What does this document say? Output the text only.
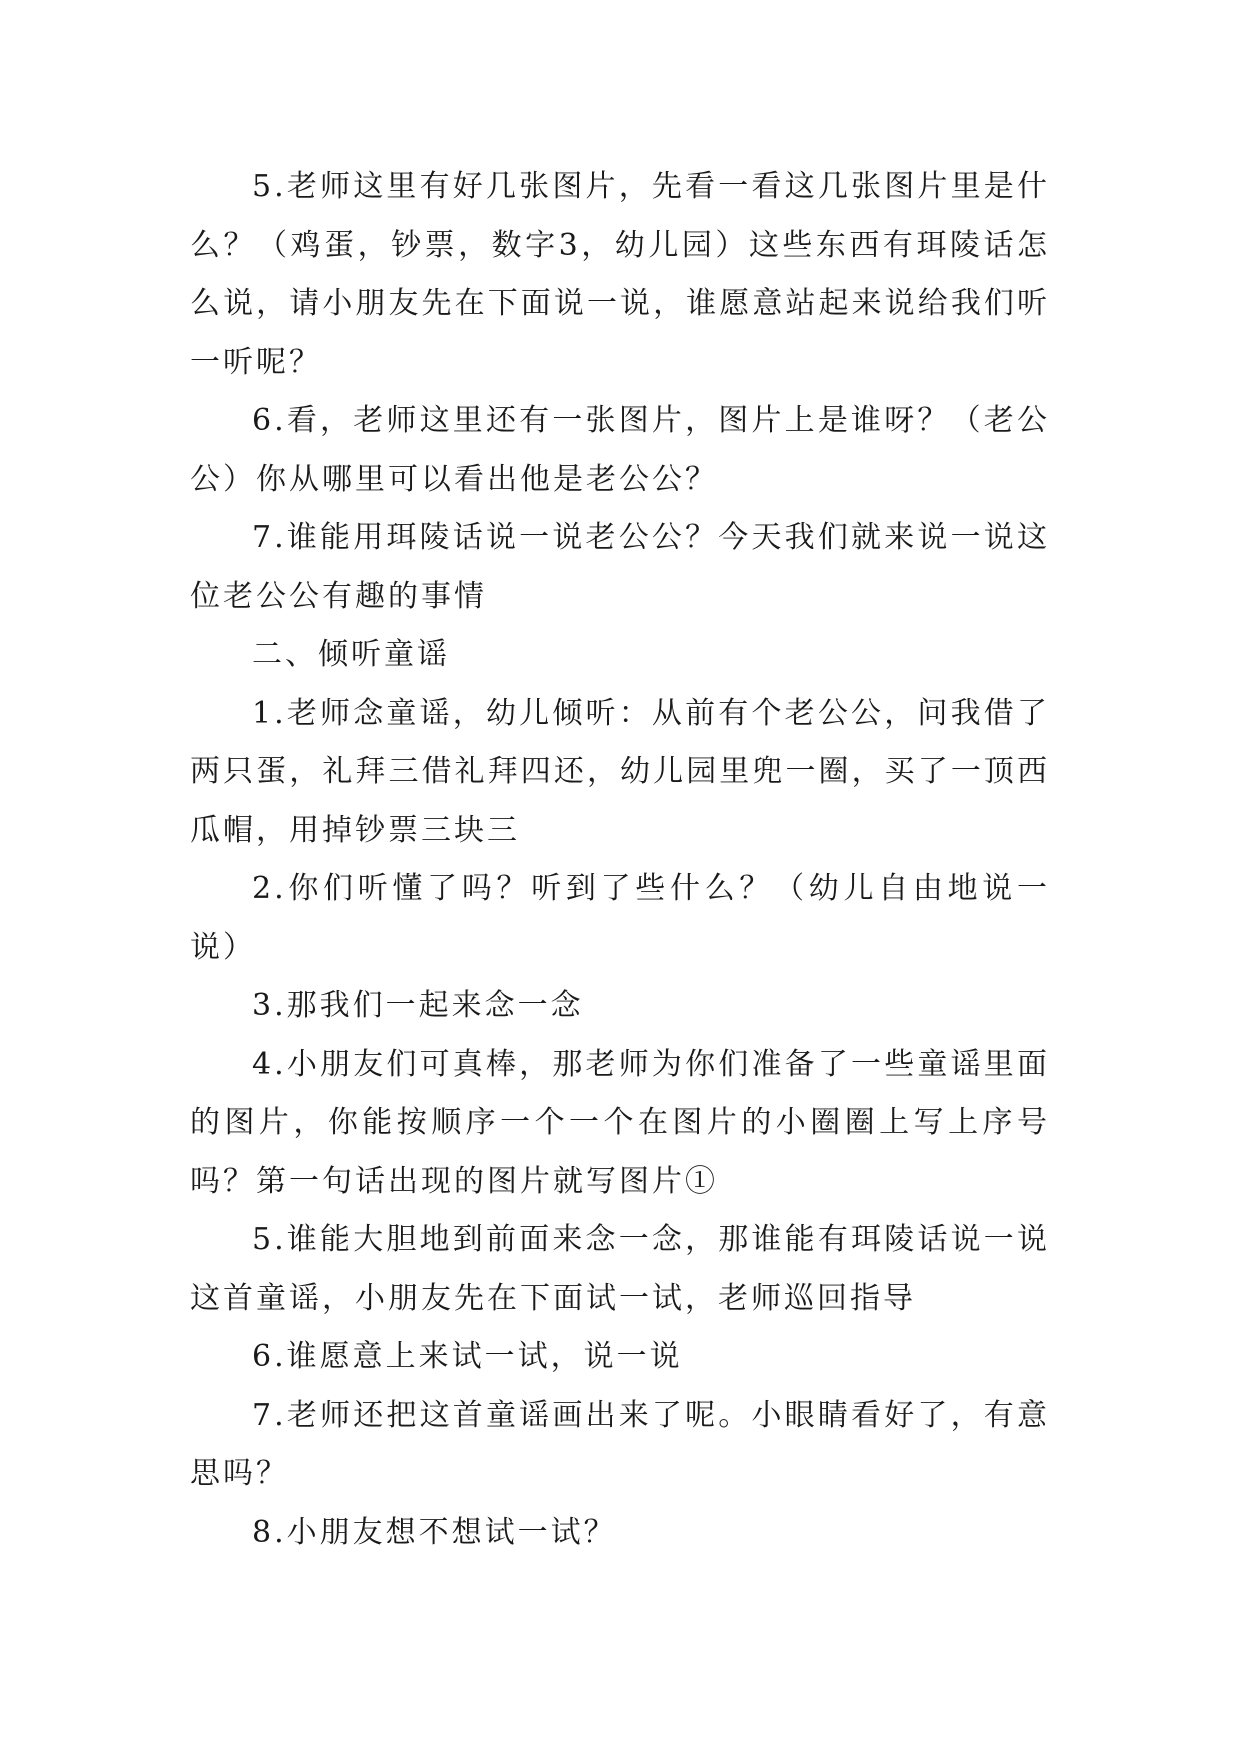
5.老师这里有好几张图片，先看一看这几张图片里是什么？（鸡蛋，钞票，数字3，幼儿园）这些东西有珥陵话怎么说，请小朋友先在下面说一说，谁愿意站起来说给我们听一听呢？

6.看，老师这里还有一张图片，图片上是谁呀？（老公公）你从哪里可以看出他是老公公？

7.谁能用珥陵话说一说老公公？今天我们就来说一说这位老公公有趣的事情

二、倾听童谣

1.老师念童谣，幼儿倾听：从前有个老公公，问我借了两只蛋，礼拜三借礼拜四还，幼儿园里兜一圈，买了一顶西瓜帽，用掉钞票三块三

2.你们听懂了吗？听到了些什么？（幼儿自由地说一说）

3.那我们一起来念一念

4.小朋友们可真棒，那老师为你们准备了一些童谣里面的图片，你能按顺序一个一个在图片的小圈圈上写上序号吗？第一句话出现的图片就写图片①

5.谁能大胆地到前面来念一念，那谁能有珥陵话说一说这首童谣，小朋友先在下面试一试，老师巡回指导

6.谁愿意上来试一试，说一说

7.老师还把这首童谣画出来了呢。小眼睛看好了，有意思吗？

8.小朋友想不想试一试？
